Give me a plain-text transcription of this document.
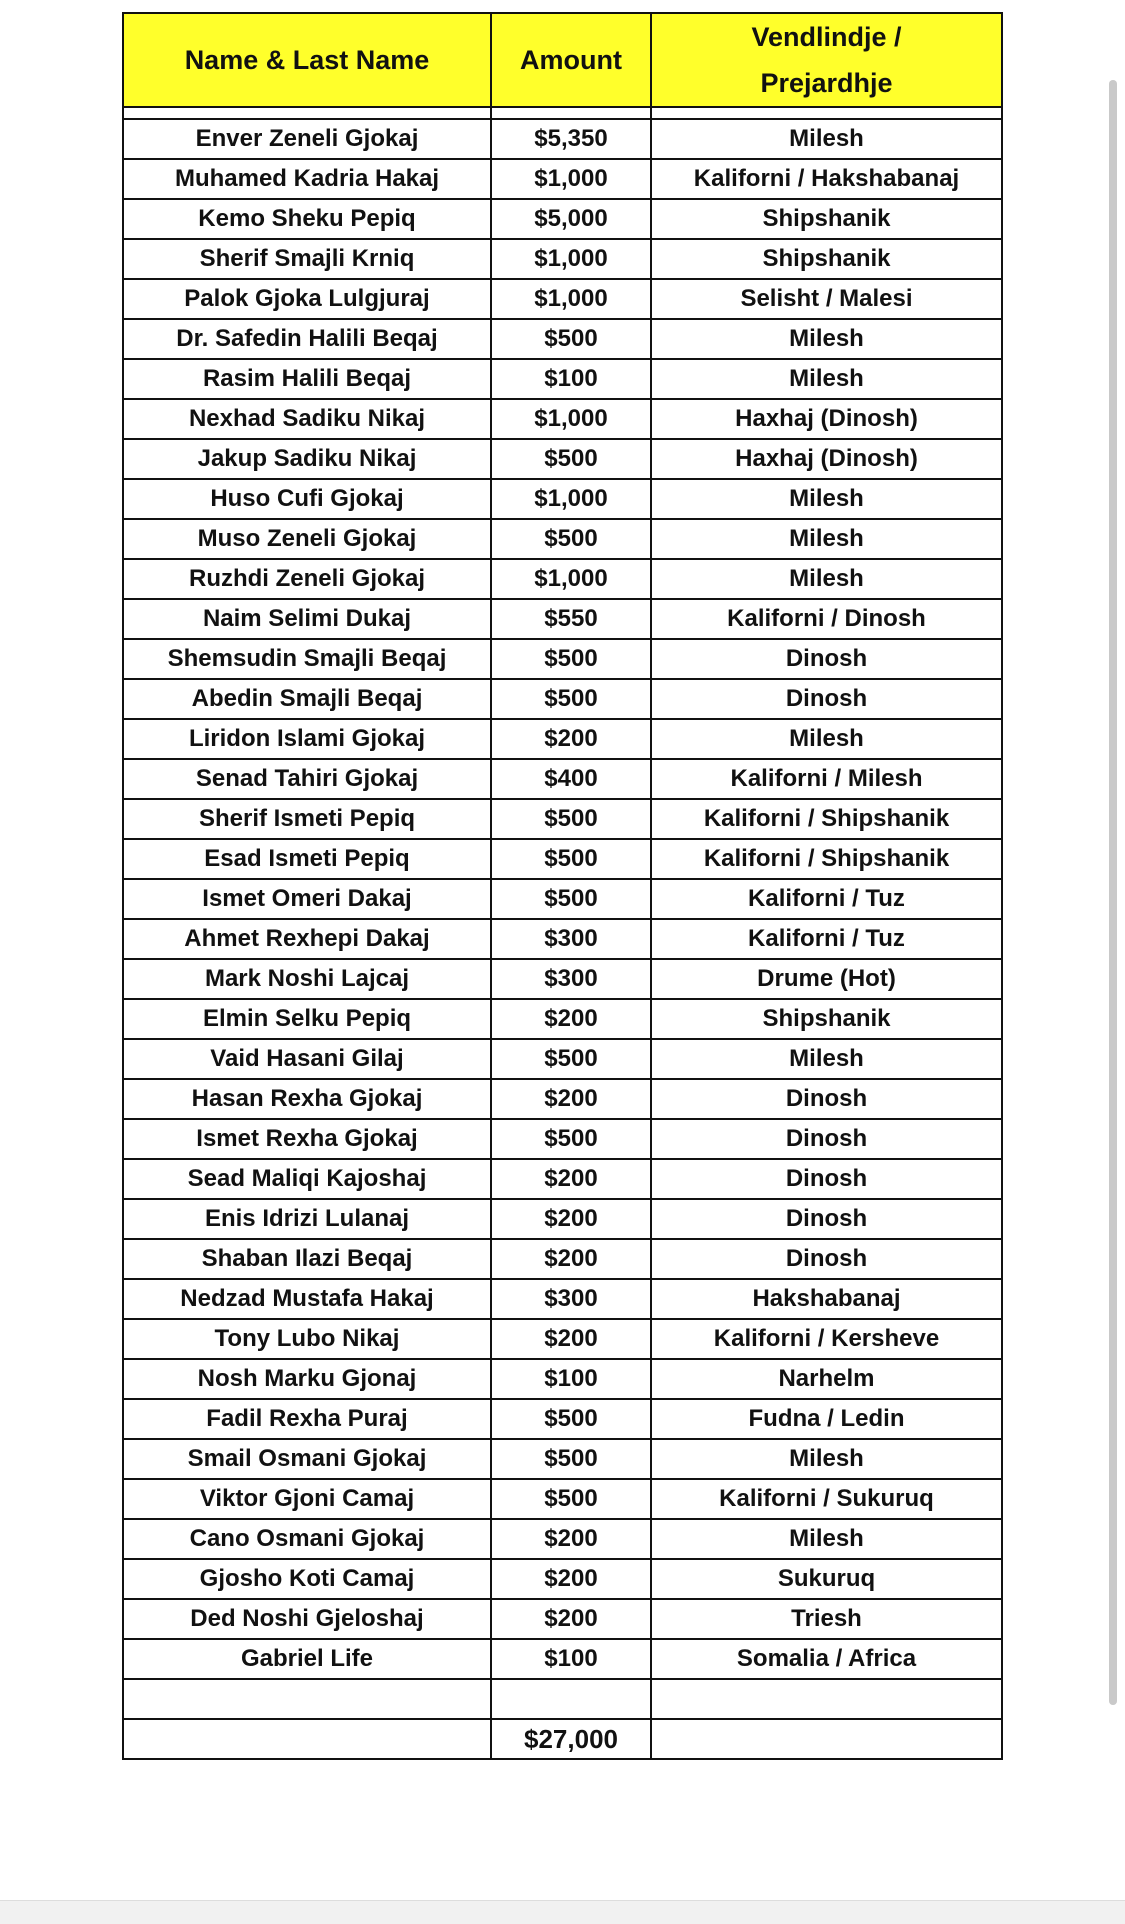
Name & Last Name	Amount	Vendlindje /
Prejardhje

Enver Zeneli Gjokaj	$5,350	Milesh
Muhamed Kadria Hakaj	$1,000	Kaliforni / Hakshabanaj
Kemo Sheku Pepiq	$5,000	Shipshanik
Sherif Smajli Krniq	$1,000	Shipshanik
Palok Gjoka Lulgjuraj	$1,000	Selisht / Malesi
Dr. Safedin Halili Beqaj	$500	Milesh
Rasim Halili Beqaj	$100	Milesh
Nexhad Sadiku Nikaj	$1,000	Haxhaj (Dinosh)
Jakup Sadiku Nikaj	$500	Haxhaj (Dinosh)
Huso Cufi Gjokaj	$1,000	Milesh
Muso Zeneli Gjokaj	$500	Milesh
Ruzhdi Zeneli Gjokaj	$1,000	Milesh
Naim Selimi Dukaj	$550	Kaliforni / Dinosh
Shemsudin Smajli Beqaj	$500	Dinosh
Abedin Smajli Beqaj	$500	Dinosh
Liridon Islami Gjokaj	$200	Milesh
Senad Tahiri Gjokaj	$400	Kaliforni / Milesh
Sherif Ismeti Pepiq	$500	Kaliforni / Shipshanik
Esad Ismeti Pepiq	$500	Kaliforni / Shipshanik
Ismet Omeri Dakaj	$500	Kaliforni / Tuz
Ahmet Rexhepi Dakaj	$300	Kaliforni / Tuz
Mark Noshi Lajcaj	$300	Drume (Hot)
Elmin Selku Pepiq	$200	Shipshanik
Vaid Hasani Gilaj	$500	Milesh
Hasan Rexha Gjokaj	$200	Dinosh
Ismet Rexha Gjokaj	$500	Dinosh
Sead Maliqi Kajoshaj	$200	Dinosh
Enis Idrizi Lulanaj	$200	Dinosh
Shaban Ilazi Beqaj	$200	Dinosh
Nedzad Mustafa Hakaj	$300	Hakshabanaj
Tony Lubo Nikaj	$200	Kaliforni / Kersheve
Nosh Marku Gjonaj	$100	Narhelm
Fadil Rexha Puraj	$500	Fudna / Ledin
Smail Osmani Gjokaj	$500	Milesh
Viktor Gjoni Camaj	$500	Kaliforni / Sukuruq
Cano Osmani Gjokaj	$200	Milesh
Gjosho Koti Camaj	$200	Sukuruq
Ded Noshi Gjeloshaj	$200	Triesh
Gabriel Life	$100	Somalia / Africa

	$27,000	
